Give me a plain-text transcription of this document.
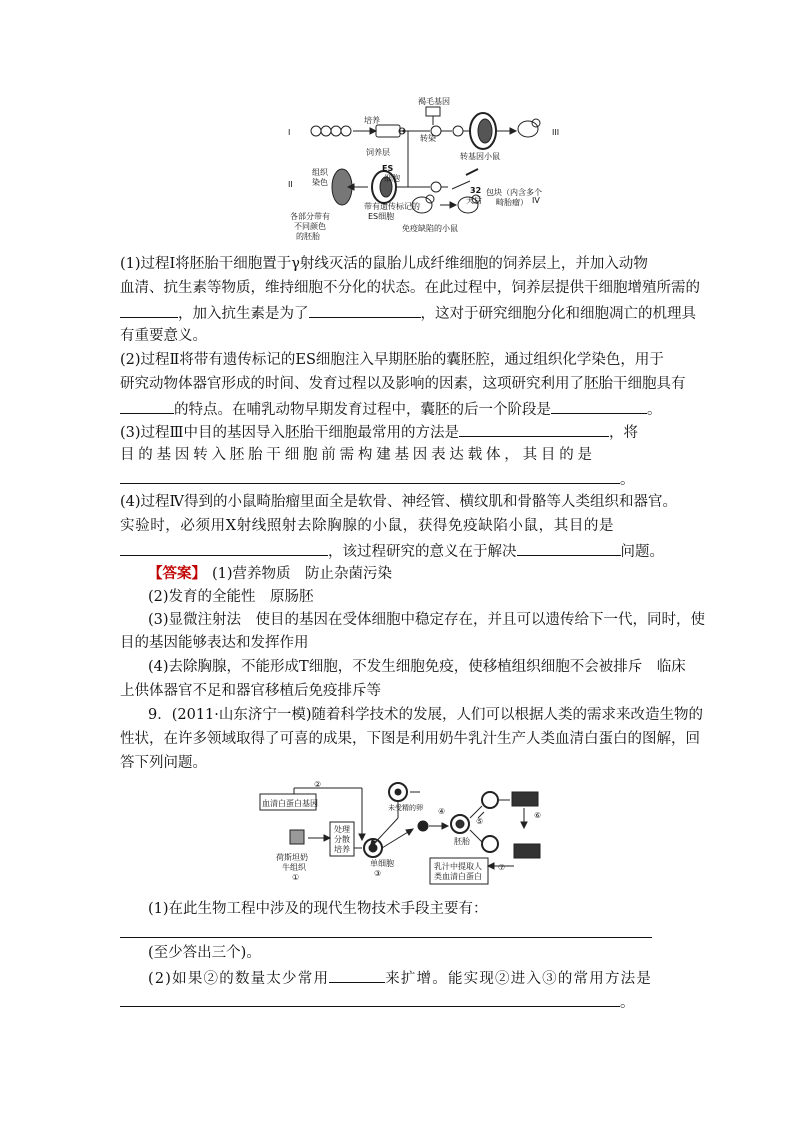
I
培养
饲养层
褐毛基因
转染
转基因小鼠
III
ES
细胞
II
组织
染色
带有遗传标记的
ES细胞
32
天后
包块（内含多个
畸胎瘤） IV
各部分带有
不同颜色
的胚胎
免疫缺陷的小鼠
(1)过程Ⅰ将胚胎干细胞置于γ射线灭活的鼠胎儿成纤维细胞的饲养层上，并加入动物
血清、抗生素等物质，维持细胞不分化的状态。在此过程中，饲养层提供干细胞增殖所需的
，加入抗生素是为了	，这对于研究细胞分化和细胞凋亡的机理具
有重要意义。
(2)过程Ⅱ将带有遗传标记的ES细胞注入早期胚胎的囊胚腔，通过组织化学染色，用于
研究动物体器官形成的时间、发育过程以及影响的因素，这项研究利用了胚胎干细胞具有
的特点。在哺乳动物早期发育过程中，囊胚的后一个阶段是	。
(3)过程Ⅲ中目的基因导入胚胎干细胞最常用的方法是	，将
目的基因转入胚胎干细胞前需构建基因表达载体，其目的是
。
(4)过程Ⅳ得到的小鼠畸胎瘤里面全是软骨、神经管、横纹肌和骨骼等人类组织和器官。
实验时，必须用X射线照射去除胸腺的小鼠，获得免疫缺陷小鼠，其目的是
，该过程研究的意义在于解决	问题。
【答案】 (1)营养物质　防止杂菌污染
(2)发育的全能性　原肠胚
(3)显微注射法　使目的基因在受体细胞中稳定存在，并且可以遗传给下一代，同时，使
目的基因能够表达和发挥作用
(4)去除胸腺，不能形成T细胞，不发生细胞免疫，使移植组织细胞不会被排斥　临床
上供体器官不足和器官移植后免疫排斥等
9．(2011·山东济宁一模)随着科学技术的发展，人们可以根据人类的需求来改造生物的
性状，在许多领域取得了可喜的成果，下图是利用奶牛乳汁生产人类血清白蛋白的图解，回
答下列问题。
②
血清白蛋白基因	未受精的卵 ④
⑤
⑥
⑦
处理
分散
培养
单细胞
③
胚胎
荷斯坦奶
牛组织
①
乳汁中提取人
类血清白蛋白
(1)在此生物工程中涉及的现代生物技术手段主要有：
(至少答出三个)。
(2)如果②的数量太少常用	来扩增。能实现②进入③的常用方法是
。
